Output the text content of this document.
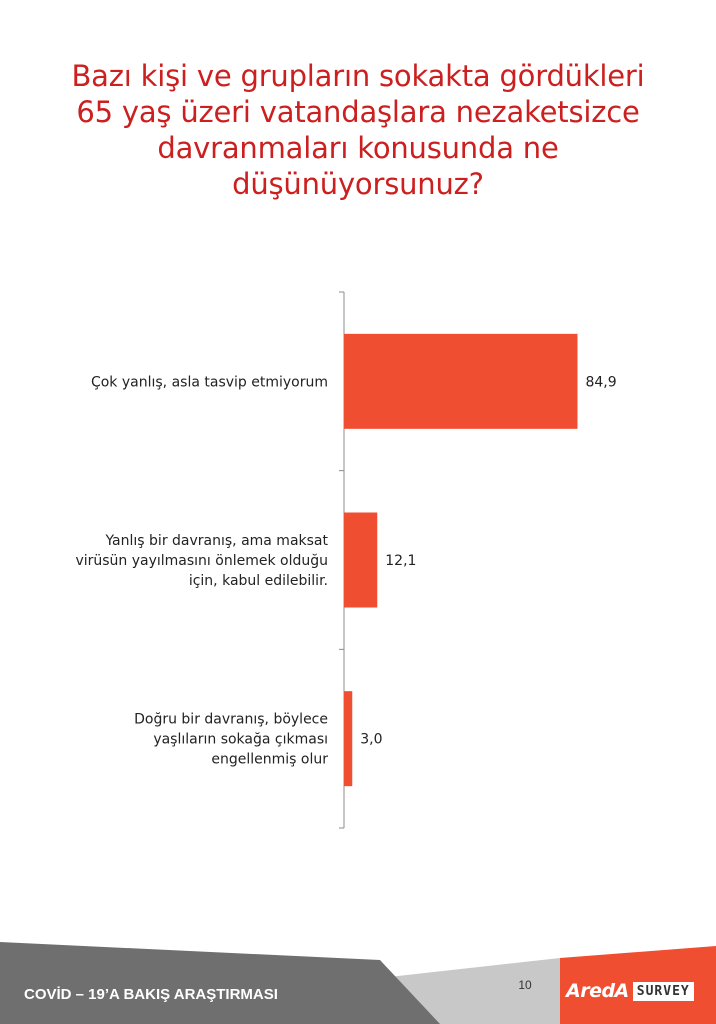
Bazı kişi ve grupların sokakta gördükleri
65 yaş üzeri vatandaşlara nezaketsizce
davranmaları konusunda ne
düşünüyorsunuz?
84,9
Çok yanlış, asla tasvip etmiyorum
12,1
Yanlış bir davranış, ama maksat
virüsün yayılmasını önlemek olduğu
için, kabul edilebilir.
3,0
Doğru bir davranış, böylece
yaşlıların sokağa çıkması
engellenmiş olur
COVİD – 19’A BAKIŞ ARAŞTIRMASI
10	AredA SURVEY
